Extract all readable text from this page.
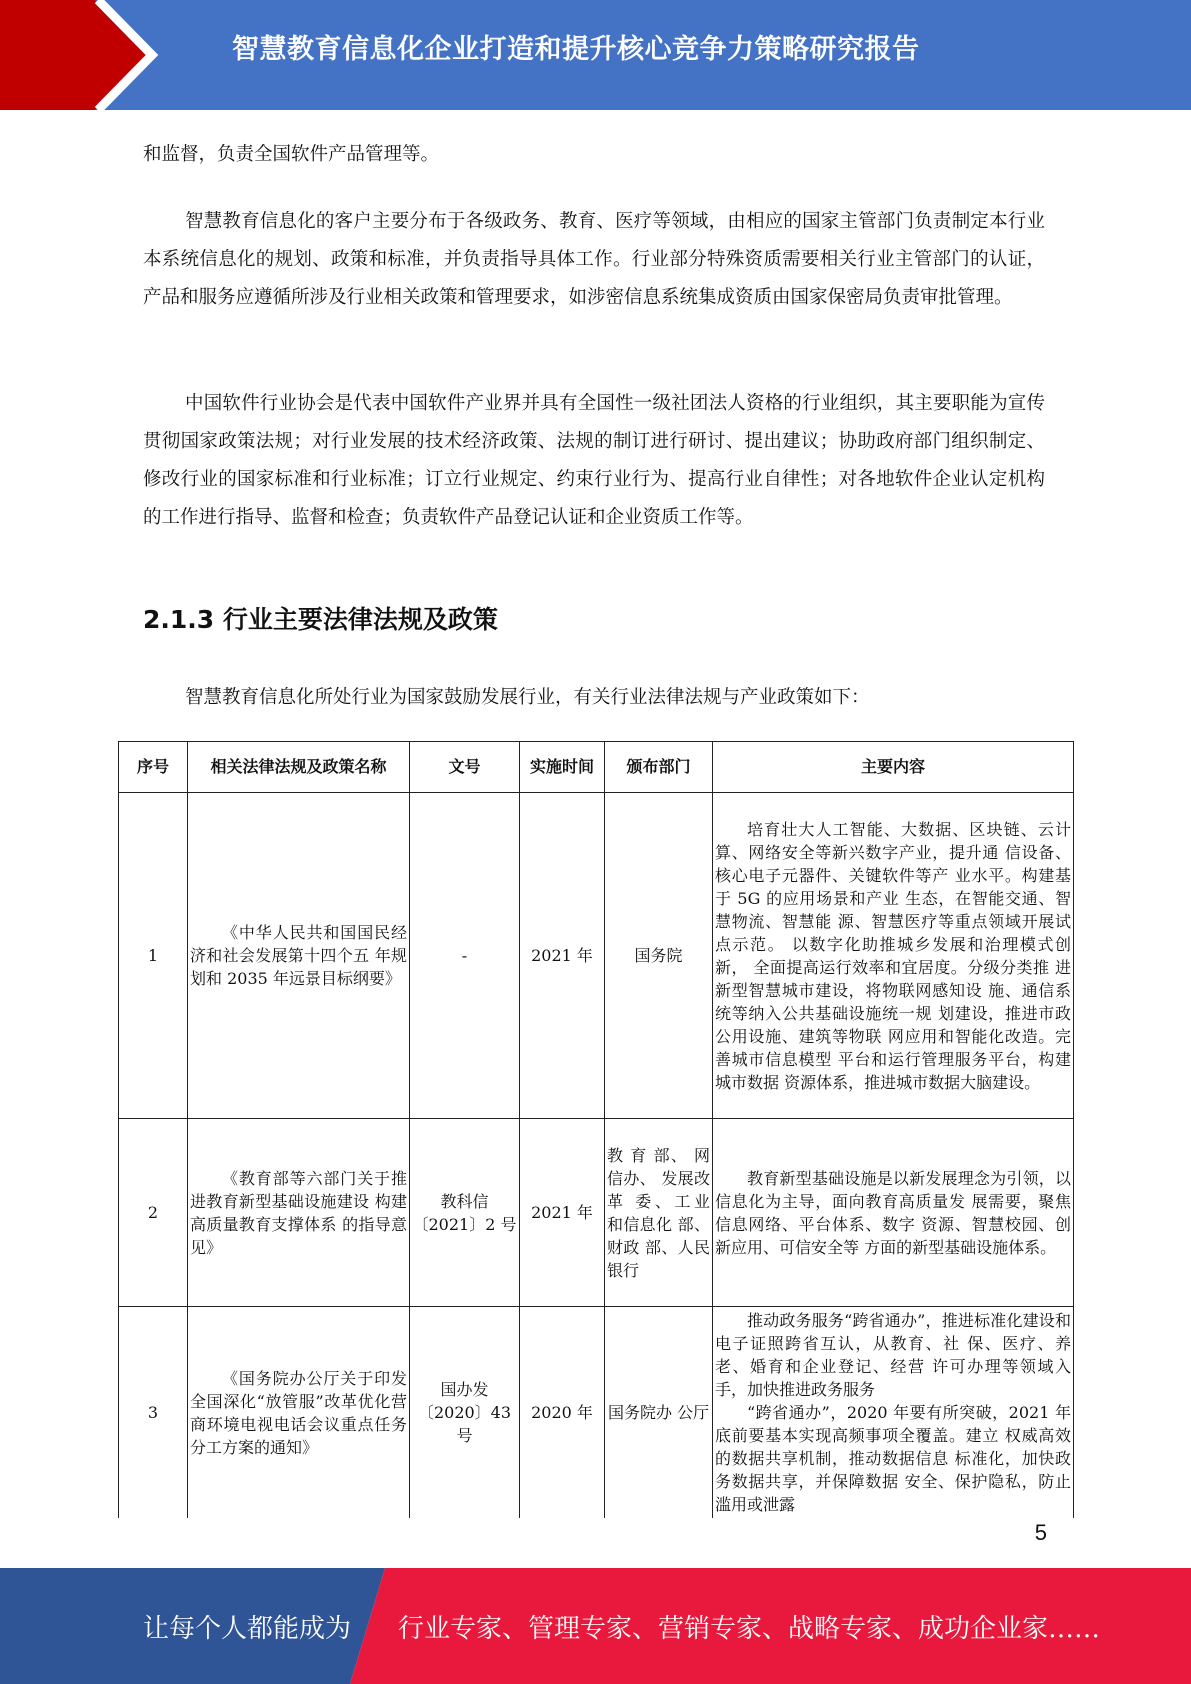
智慧教育信息化企业打造和提升核心竞争力策略研究报告

和监督，负责全国软件产品管理等。

智慧教育信息化的客户主要分布于各级政务、教育、医疗等领域，由相应的国家主管部门负责制定本行业本系统信息化的规划、政策和标准，并负责指导具体工作。行业部分特殊资质需要相关行业主管部门的认证，产品和服务应遵循所涉及行业相关政策和管理要求，如涉密信息系统集成资质由国家保密局负责审批管理。

中国软件行业协会是代表中国软件产业界并具有全国性一级社团法人资格的行业组织，其主要职能为宣传贯彻国家政策法规；对行业发展的技术经济政策、法规的制订进行研讨、提出建议；协助政府部门组织制定、修改行业的国家标准和行业标准；订立行业规定、约束行业行为、提高行业自律性；对各地软件企业认定机构的工作进行指导、监督和检查；负责软件产品登记认证和企业资质工作等。

2.1.3 行业主要法律法规及政策

智慧教育信息化所处行业为国家鼓励发展行业，有关行业法律法规与产业政策如下：

序号	相关法律法规及政策名称	文号	实施时间	颁布部门	主要内容
1	《中华人民共和国国民经 济和社会发展第十四个五 年规划和 2035 年远景目标纲要》	-	2021 年	国务院	培育壮大人工智能、大数据、区块链、云计算、网络安全等新兴数字产业，提升通 信设备、核心电子元器件、关键软件等产 业水平。构建基于 5G 的应用场景和产业 生态，在智能交通、智慧物流、智慧能 源、智慧医疗等重点领域开展试点示范。 以数字化助推城乡发展和治理模式创新， 全面提高运行效率和宜居度。分级分类推 进新型智慧城市建设，将物联网感知设 施、通信系统等纳入公共基础设施统一规 划建设，推进市政公用设施、建筑等物联 网应用和智能化改造。完善城市信息模型 平台和运行管理服务平台，构建城市数据 资源体系，推进城市数据大脑建设。
2	《教育部等六部门关于推 进教育新型基础设施建设 构建高质量教育支撑体系 的指导意见》	教科信〔2021〕2 号	2021 年	教 育 部、 网信办、 发展改革 委、工业 和信息化 部、财政 部、人民 银行	教育新型基础设施是以新发展理念为引领，以信息化为主导，面向教育高质量发 展需要，聚焦信息网络、平台体系、数字 资源、智慧校园、创新应用、可信安全等 方面的新型基础设施体系。
3	《国务院办公厅关于印发 全国深化“放管服”改革优化营商环境电视电话会议重点任务分工方案的通知》	国办发〔2020〕43 号	2020 年	国务院办 公厅	推动政务服务“跨省通办”，推进标准化建设和电子证照跨省互认，从教育、社 保、医疗、养老、婚育和企业登记、经营 许可办理等领域入手，加快推进政务服务
“跨省通办”，2020 年要有所突破，2021 年底前要基本实现高频事项全覆盖。建立 权威高效的数据共享机制，推动数据信息 标准化，加快政务数据共享，并保障数据 安全、保护隐私，防止滥用或泄露
5
让每个人都能成为 行业专家、管理专家、营销专家、战略专家、成功企业家……
